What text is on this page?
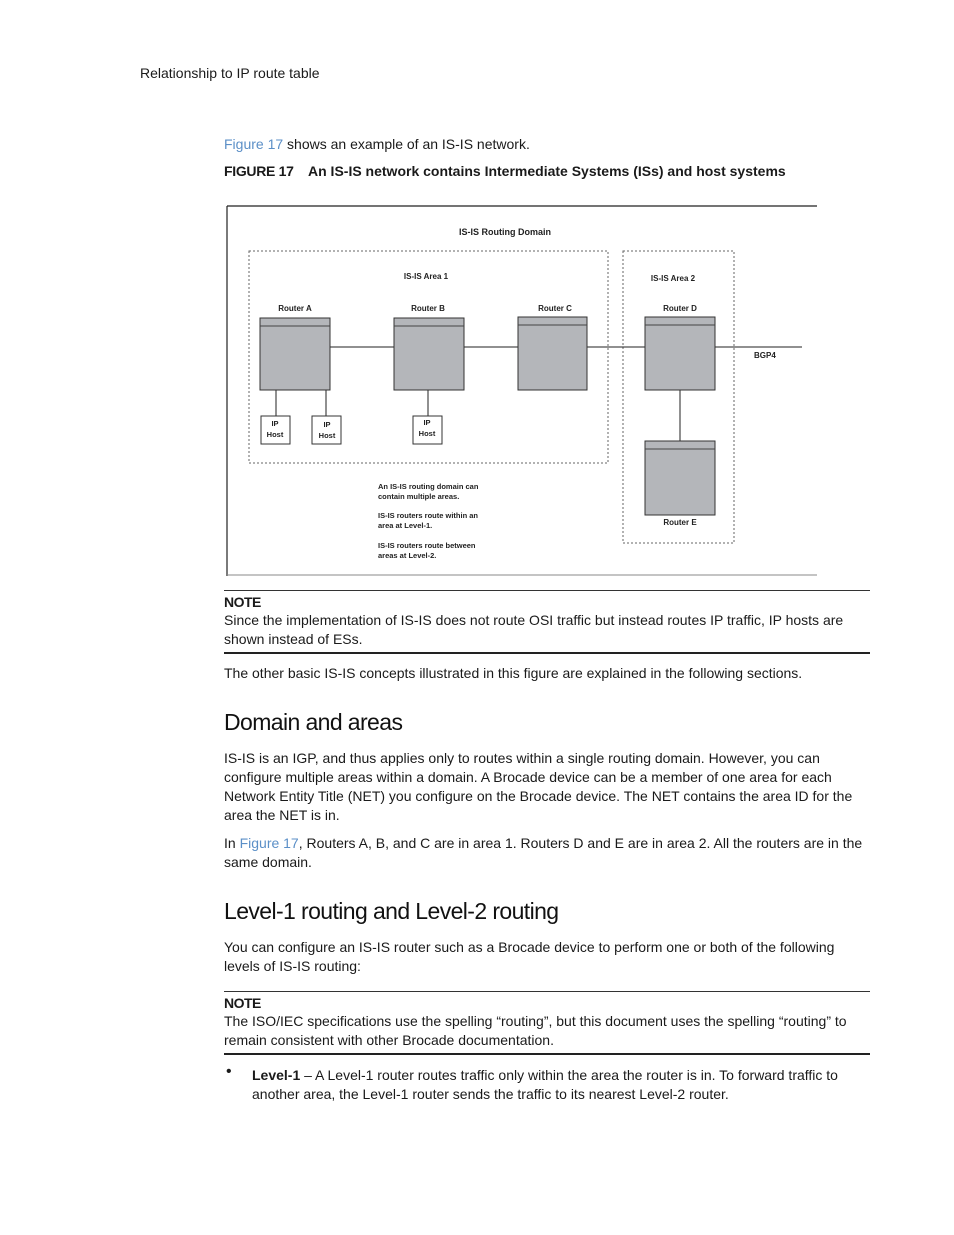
Relationship to IP route table
Figure 17 shows an example of an IS-IS network.
FIGURE 17 An IS-IS network contains Intermediate Systems (ISs) and host systems
IS-IS Routing Domain
IS-IS Area 1	IS-IS Area 2
Router A	Router B	Router C	Router D
Router E
BGP4
IP
Host
IP
Host
IP
Host
An IS-IS routing domain can
contain multiple areas.
IS-IS routers route within an
area at Level-1.
IS-IS routers route between
areas at Level-2.
NOTE
Since the implementation of IS-IS does not route OSI traffic but instead routes IP traffic, IP hosts are shown instead of ESs.
The other basic IS-IS concepts illustrated in this figure are explained in the following sections.
Domain and areas
IS-IS is an IGP, and thus applies only to routes within a single routing domain. However, you can configure multiple areas within a domain. A Brocade device can be a member of one area for each Network Entity Title (NET) you configure on the Brocade device. The NET contains the area ID for the area the NET is in.
In Figure 17, Routers A, B, and C are in area 1. Routers D and E are in area 2. All the routers are in the same domain.
Level-1 routing and Level-2 routing
You can configure an IS-IS router such as a Brocade device to perform one or both of the following levels of IS-IS routing:
NOTE
The ISO/IEC specifications use the spelling “routing”, but this document uses the spelling “routing” to remain consistent with other Brocade documentation.
• Level-1 – A Level-1 router routes traffic only within the area the router is in. To forward traffic to another area, the Level-1 router sends the traffic to its nearest Level-2 router.
